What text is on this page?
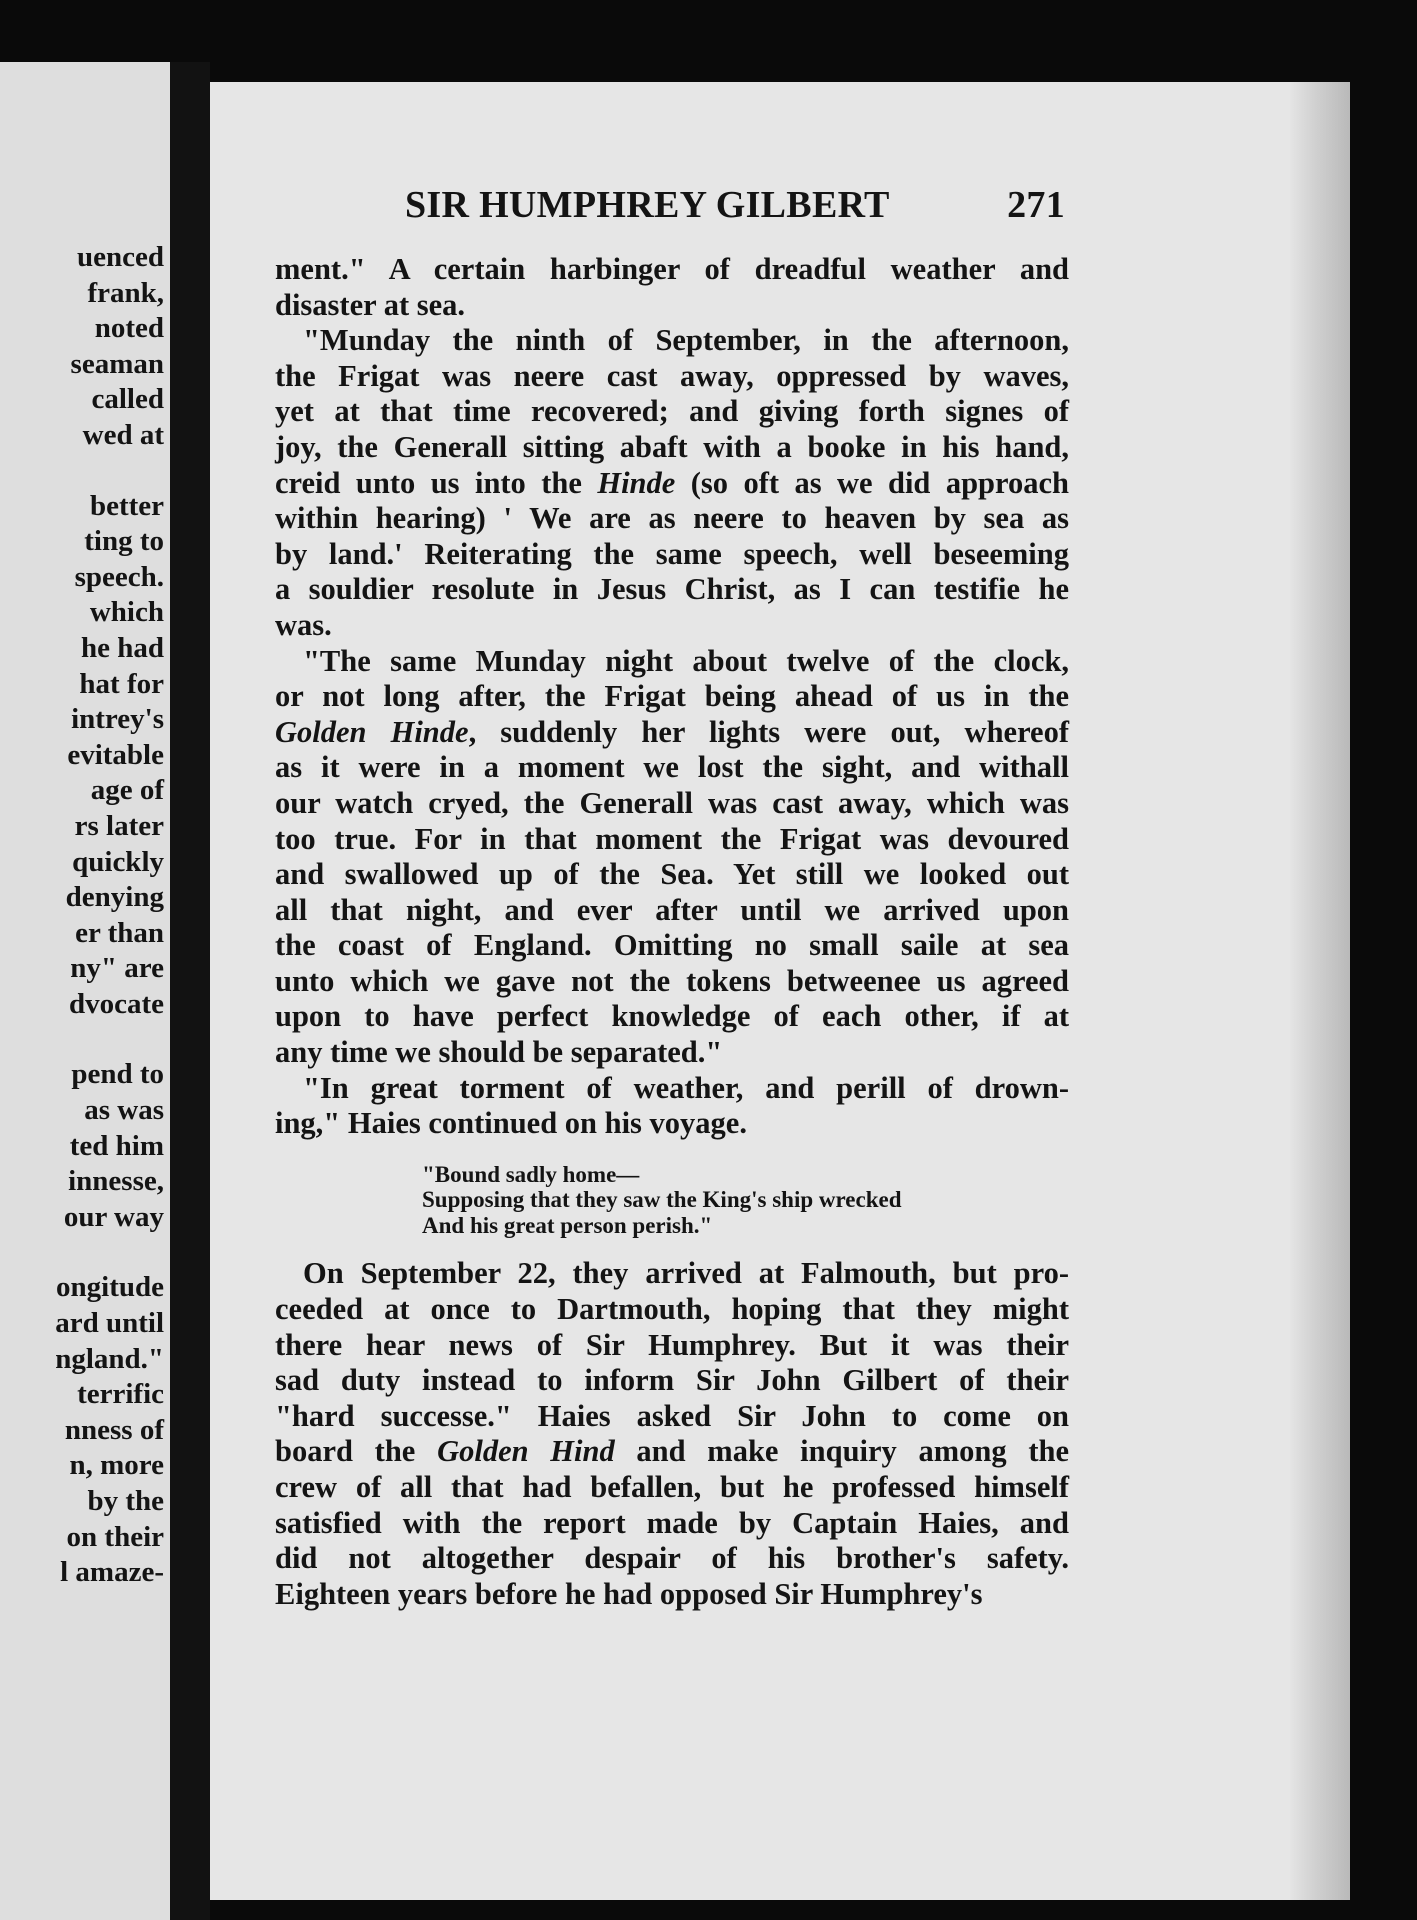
uenced
frank,
noted
seaman
called
wed at
better
ting to
speech.
which
he had
hat for
intrey's
evitable
age of
rs later
quickly
denying
er than
ny" are
dvocate
pend to
as was
ted him
innesse,
our way
ongitude
ard until
ngland."
terrific
nness of
n, more
by the
on their
l amaze-
SIR HUMPHREY GILBERT	271
ment." A certain harbinger of dreadful weather and
disaster at sea.
"Munday the ninth of September, in the afternoon,
the Frigat was neere cast away, oppressed by waves,
yet at that time recovered; and giving forth signes of
joy, the Generall sitting abaft with a booke in his hand,
creid unto us into the Hinde (so oft as we did approach
within hearing) ' We are as neere to heaven by sea as
by land.' Reiterating the same speech, well beseeming
a souldier resolute in Jesus Christ, as I can testifie he
was.
"The same Munday night about twelve of the clock,
or not long after, the Frigat being ahead of us in the
Golden Hinde, suddenly her lights were out, whereof
as it were in a moment we lost the sight, and withall
our watch cryed, the Generall was cast away, which was
too true. For in that moment the Frigat was devoured
and swallowed up of the Sea. Yet still we looked out
all that night, and ever after until we arrived upon
the coast of England. Omitting no small saile at sea
unto which we gave not the tokens betweenee us agreed
upon to have perfect knowledge of each other, if at
any time we should be separated."
"In great torment of weather, and perill of drown-
ing," Haies continued on his voyage.
"Bound sadly home—
Supposing that they saw the King's ship wrecked
And his great person perish."
On September 22, they arrived at Falmouth, but pro-
ceeded at once to Dartmouth, hoping that they might
there hear news of Sir Humphrey. But it was their
sad duty instead to inform Sir John Gilbert of their
"hard successe." Haies asked Sir John to come on
board the Golden Hind and make inquiry among the
crew of all that had befallen, but he professed himself
satisfied with the report made by Captain Haies, and
did not altogether despair of his brother's safety.
Eighteen years before he had opposed Sir Humphrey's
